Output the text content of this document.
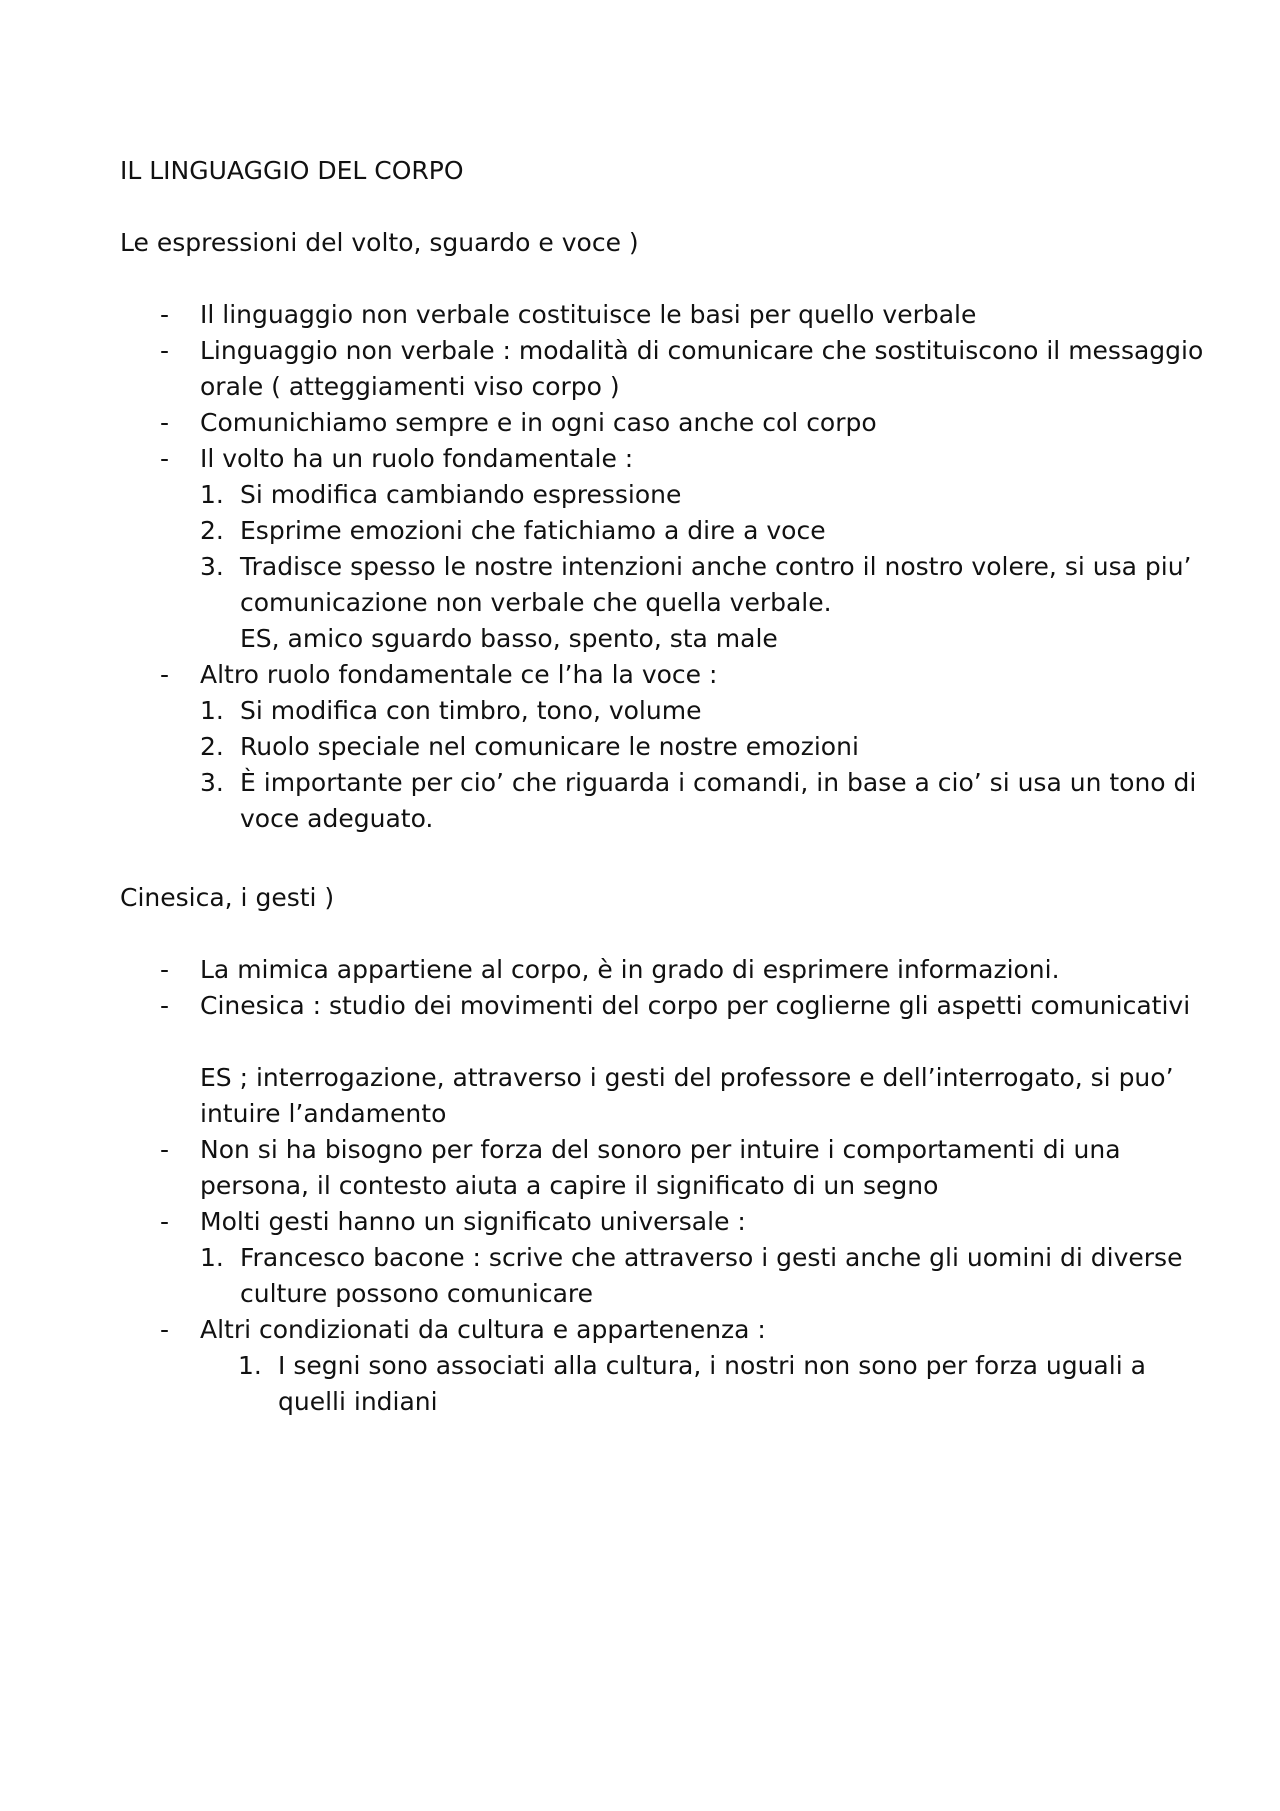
IL LINGUAGGIO DEL CORPO
Le espressioni del volto, sguardo e voce )
- Il linguaggio non verbale costituisce le basi per quello verbale
- Linguaggio non verbale : modalità di comunicare che sostituiscono il messaggio
orale ( atteggiamenti viso corpo )
- Comunichiamo sempre e in ogni caso anche col corpo
- Il volto ha un ruolo fondamentale :
1. Si modifica cambiando espressione
2. Esprime emozioni che fatichiamo a dire a voce
3. Tradisce spesso le nostre intenzioni anche contro il nostro volere, si usa piu’
comunicazione non verbale che quella verbale.
ES, amico sguardo basso, spento, sta male
- Altro ruolo fondamentale ce l’ha la voce :
1. Si modifica con timbro, tono, volume
2. Ruolo speciale nel comunicare le nostre emozioni
3. È importante per cio’ che riguarda i comandi, in base a cio’ si usa un tono di
voce adeguato.
Cinesica, i gesti )
- La mimica appartiene al corpo, è in grado di esprimere informazioni.
- Cinesica : studio dei movimenti del corpo per coglierne gli aspetti comunicativi
ES ; interrogazione, attraverso i gesti del professore e dell’interrogato, si puo’
intuire l’andamento
- Non si ha bisogno per forza del sonoro per intuire i comportamenti di una
persona, il contesto aiuta a capire il significato di un segno
- Molti gesti hanno un significato universale :
1. Francesco bacone : scrive che attraverso i gesti anche gli uomini di diverse
culture possono comunicare
- Altri condizionati da cultura e appartenenza :
1. I segni sono associati alla cultura, i nostri non sono per forza uguali a
quelli indiani
